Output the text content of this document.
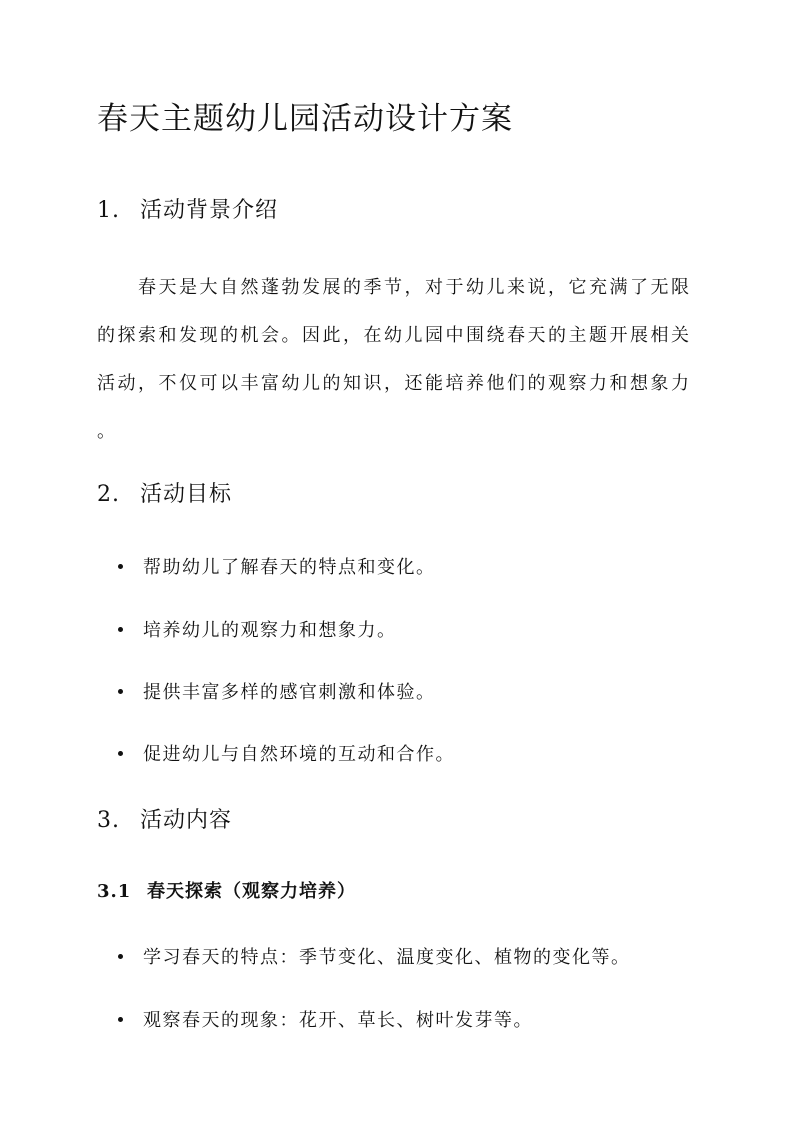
春天主题幼儿园活动设计方案
1. 活动背景介绍
　　春天是大自然蓬勃发展的季节，对于幼儿来说，它充满了无限
的探索和发现的机会。因此，在幼儿园中围绕春天的主题开展相关
活动，不仅可以丰富幼儿的知识，还能培养他们的观察力和想象力
。
2. 活动目标
帮助幼儿了解春天的特点和变化。
培养幼儿的观察力和想象力。
提供丰富多样的感官刺激和体验。
促进幼儿与自然环境的互动和合作。
3. 活动内容
3.1 春天探索（观察力培养）
学习春天的特点：季节变化、温度变化、植物的变化等。
观察春天的现象：花开、草长、树叶发芽等。
